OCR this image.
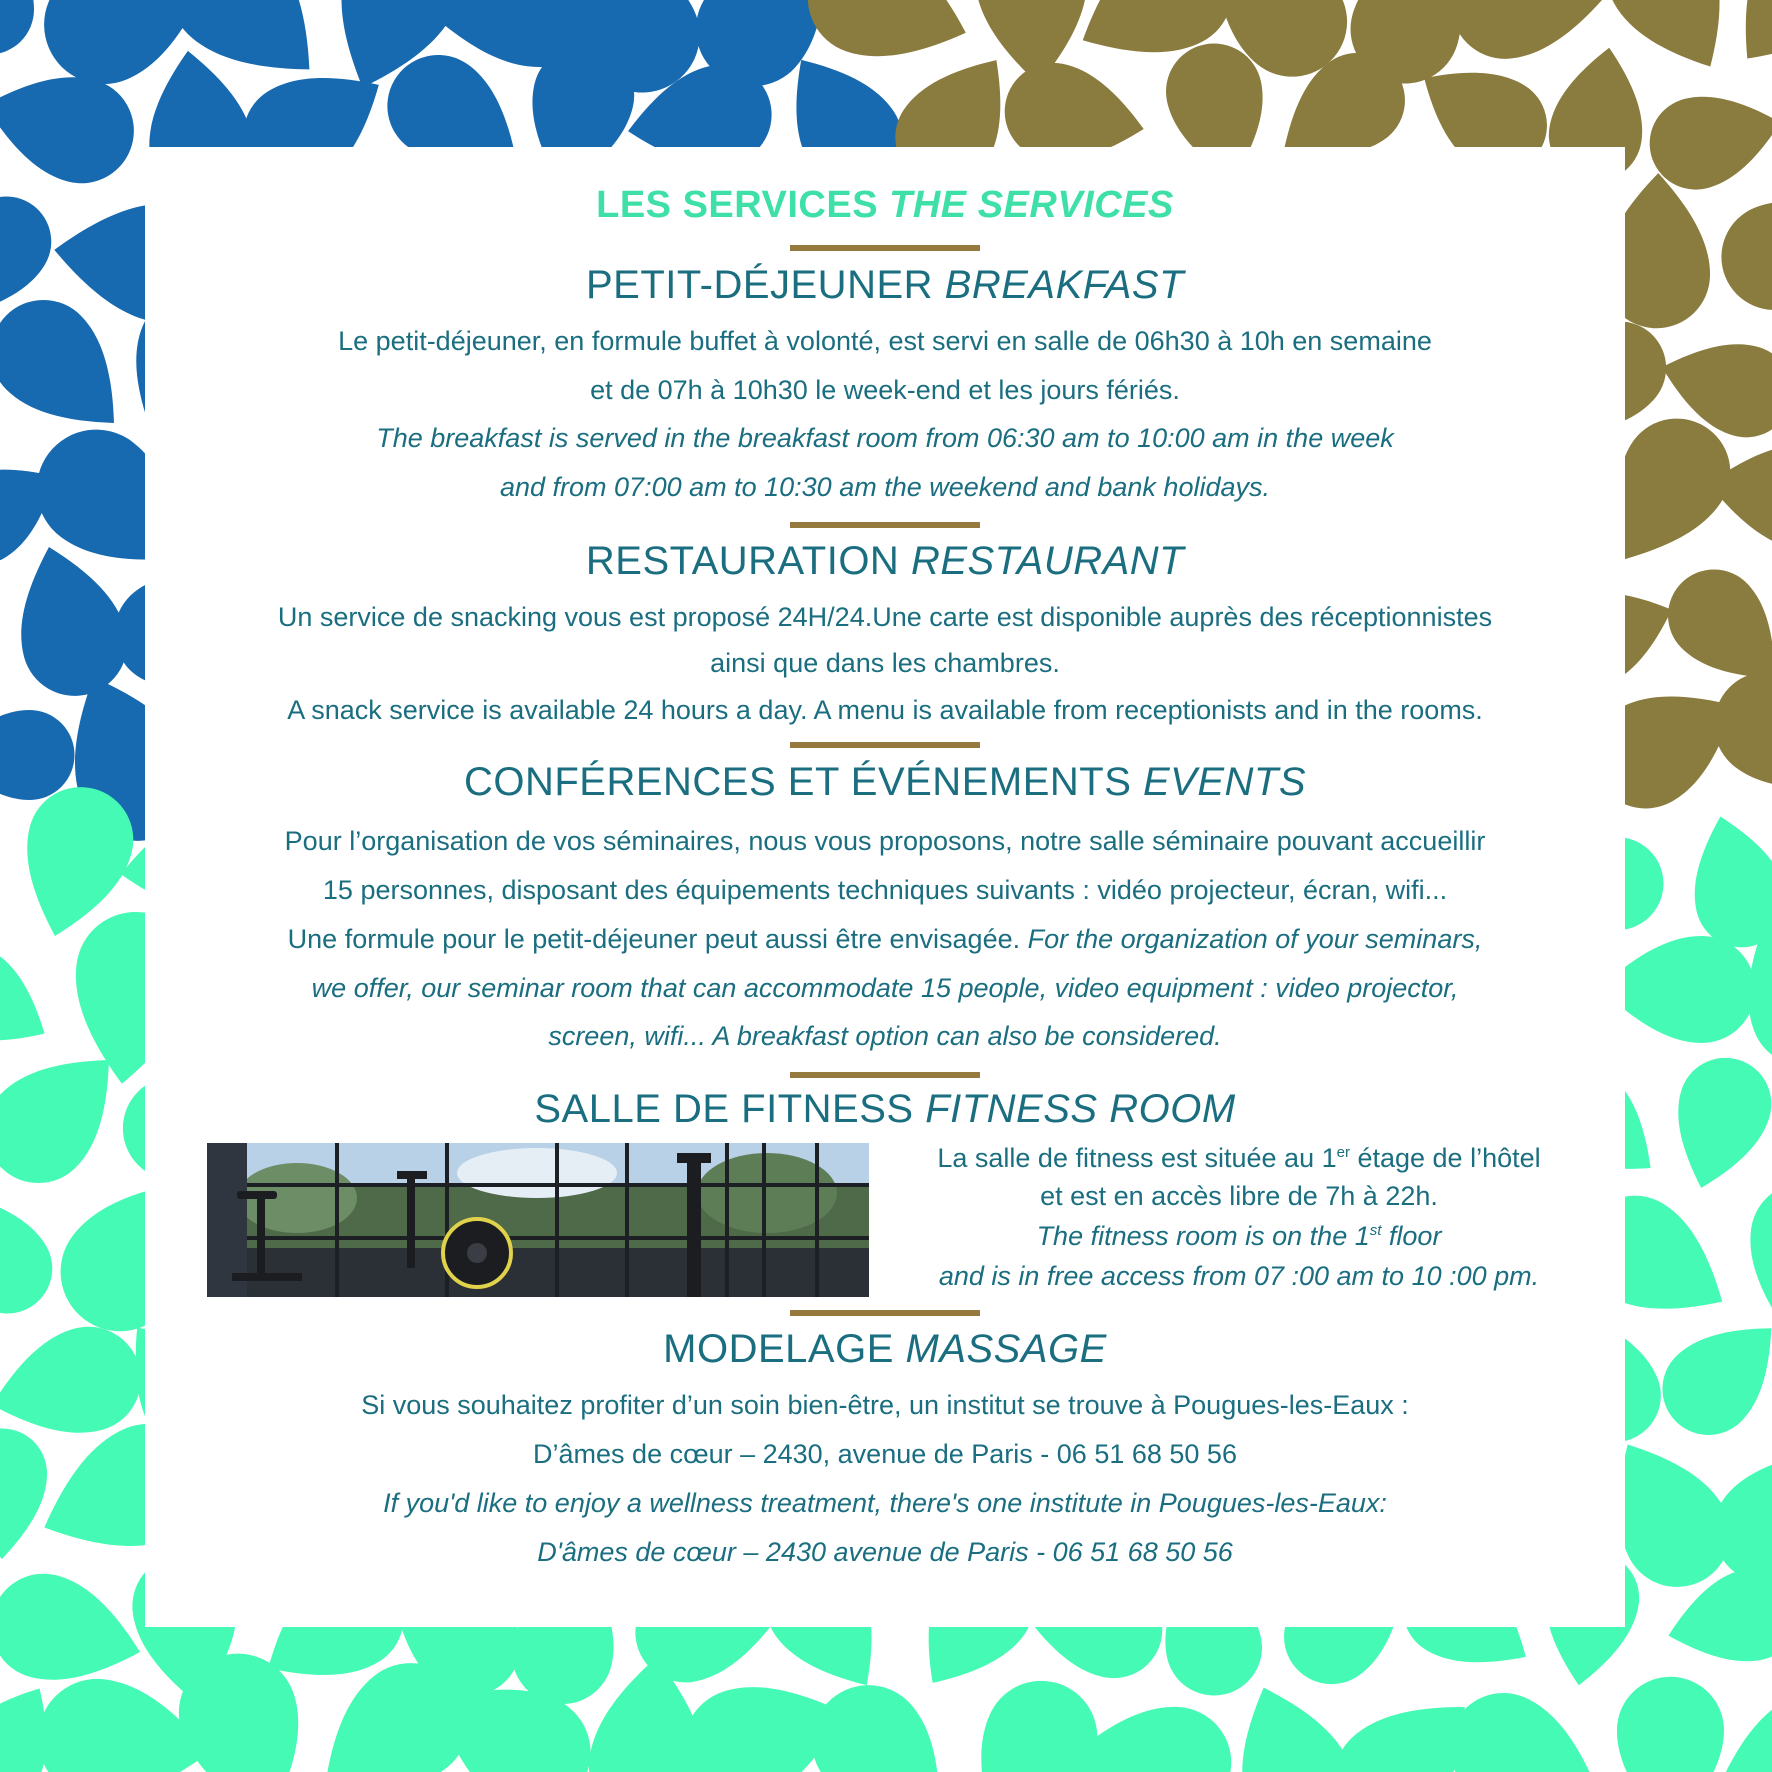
LES SERVICES THE SERVICES
PETIT-DÉJEUNER BREAKFAST
Le petit-déjeuner, en formule buffet à volonté, est servi en salle de 06h30 à 10h en semaine
et de 07h à 10h30 le week-end et les jours fériés.
The breakfast is served in the breakfast room from 06:30 am to 10:00 am in the week
and from 07:00 am to 10:30 am the weekend and bank holidays.
RESTAURATION RESTAURANT
Un service de snacking vous est proposé 24H/24.Une carte est disponible auprès des réceptionnistes
ainsi que dans les chambres.
A snack service is available 24 hours a day. A menu is available from receptionists and in the rooms.
CONFÉRENCES ET ÉVÉNEMENTS EVENTS
Pour l’organisation de vos séminaires, nous vous proposons, notre salle séminaire pouvant accueillir
15 personnes, disposant des équipements techniques suivants : vidéo projecteur, écran, wifi...
Une formule pour le petit-déjeuner peut aussi être envisagée. For the organization of your seminars,
we offer, our seminar room that can accommodate 15 people, video equipment : video projector,
screen, wifi... A breakfast option can also be considered.
SALLE DE FITNESS FITNESS ROOM
La salle de fitness est située au 1er étage de l’hôtel
et est en accès libre de 7h à 22h.
The fitness room is on the 1st floor
and is in free access from 07 :00 am to 10 :00 pm.
MODELAGE MASSAGE
Si vous souhaitez profiter d’un soin bien-être, un institut se trouve à Pougues-les-Eaux :
D’âmes de cœur – 2430, avenue de Paris - 06 51 68 50 56
If you'd like to enjoy a wellness treatment, there's one institute in Pougues-les-Eaux:
D'âmes de cœur – 2430 avenue de Paris - 06 51 68 50 56
